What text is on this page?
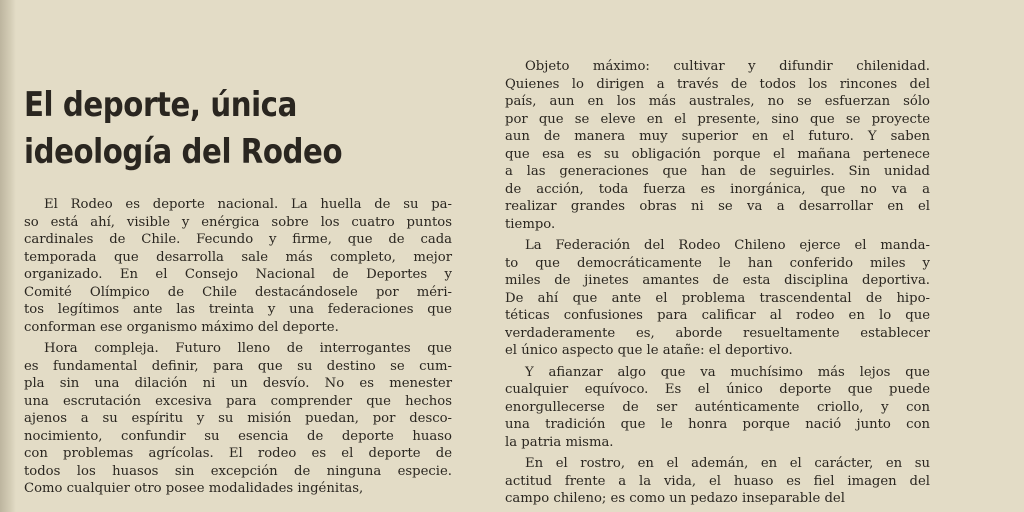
El deporte, única
ideología del Rodeo
El Rodeo es deporte nacional. La huella de su pa-
so está ahí, visible y enérgica sobre los cuatro puntos
cardinales de Chile. Fecundo y firme, que de cada
temporada que desarrolla sale más completo, mejor
organizado. En el Consejo Nacional de Deportes y
Comité Olímpico de Chile destacándosele por méri-
tos legítimos ante las treinta y una federaciones que
conforman ese organismo máximo del deporte.
Hora compleja. Futuro lleno de interrogantes que
es fundamental definir, para que su destino se cum-
pla sin una dilación ni un desvío. No es menester
una escrutación excesiva para comprender que hechos
ajenos a su espíritu y su misión puedan, por desco-
nocimiento, confundir su esencia de deporte huaso
con problemas agrícolas. El rodeo es el deporte de
todos los huasos sin excepción de ninguna especie.
Como cualquier otro posee modalidades ingénitas,
Objeto máximo: cultivar y difundir chilenidad.
Quienes lo dirigen a través de todos los rincones del
país, aun en los más australes, no se esfuerzan sólo
por que se eleve en el presente, sino que se proyecte
aun de manera muy superior en el futuro. Y saben
que esa es su obligación porque el mañana pertenece
a las generaciones que han de seguirles. Sin unidad
de acción, toda fuerza es inorgánica, que no va a
realizar grandes obras ni se va a desarrollar en el
tiempo.
La Federación del Rodeo Chileno ejerce el manda-
to que democráticamente le han conferido miles y
miles de jinetes amantes de esta disciplina deportiva.
De ahí que ante el problema trascendental de hipo-
téticas confusiones para calificar al rodeo en lo que
verdaderamente es, aborde resueltamente establecer
el único aspecto que le atañe: el deportivo.
Y afianzar algo que va muchísimo más lejos que
cualquier equívoco. Es el único deporte que puede
enorgullecerse de ser auténticamente criollo, y con
una tradición que le honra porque nació junto con
la patria misma.
En el rostro, en el ademán, en el carácter, en su
actitud frente a la vida, el huaso es fiel imagen del
campo chileno; es como un pedazo inseparable del
